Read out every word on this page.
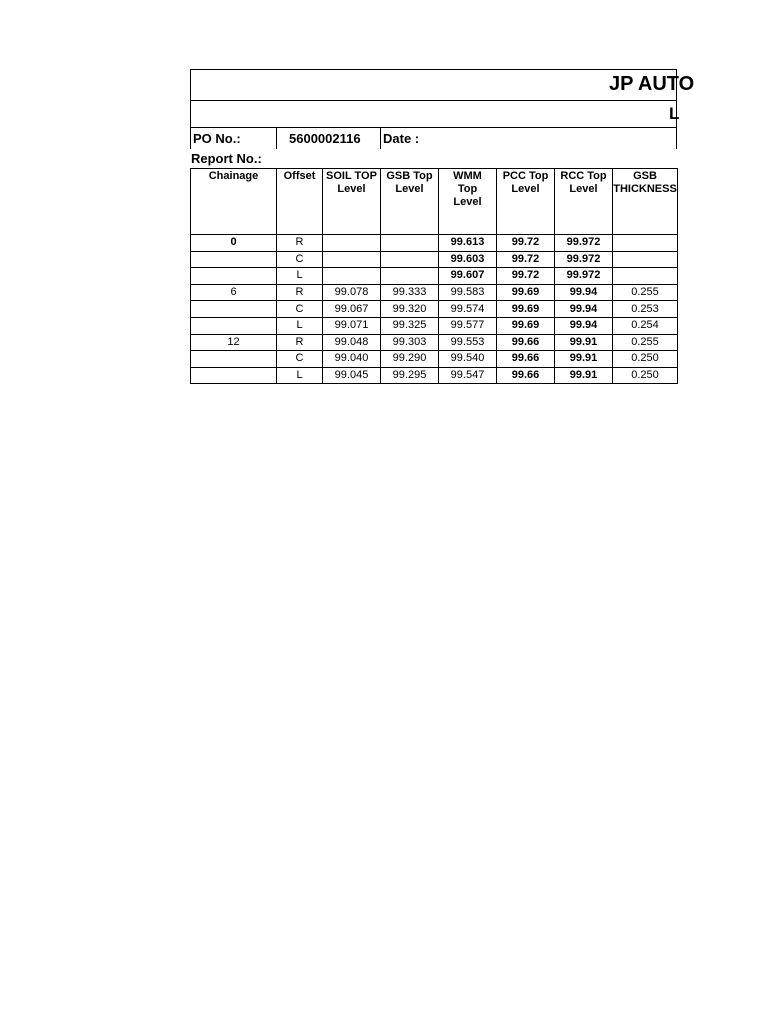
JP AUTO
L
PO No.:	5600002116	Date :
Report No.:
Chainage	Offset	SOIL TOP Level	GSB Top Level	WMM Top Level	PCC Top Level	RCC Top Level	GSB THICKNESS
0	R			99.613	99.72	99.972	
	C			99.603	99.72	99.972	
	L			99.607	99.72	99.972	
6	R	99.078	99.333	99.583	99.69	99.94	0.255
	C	99.067	99.320	99.574	99.69	99.94	0.253
	L	99.071	99.325	99.577	99.69	99.94	0.254
12	R	99.048	99.303	99.553	99.66	99.91	0.255
	C	99.040	99.290	99.540	99.66	99.91	0.250
	L	99.045	99.295	99.547	99.66	99.91	0.250
